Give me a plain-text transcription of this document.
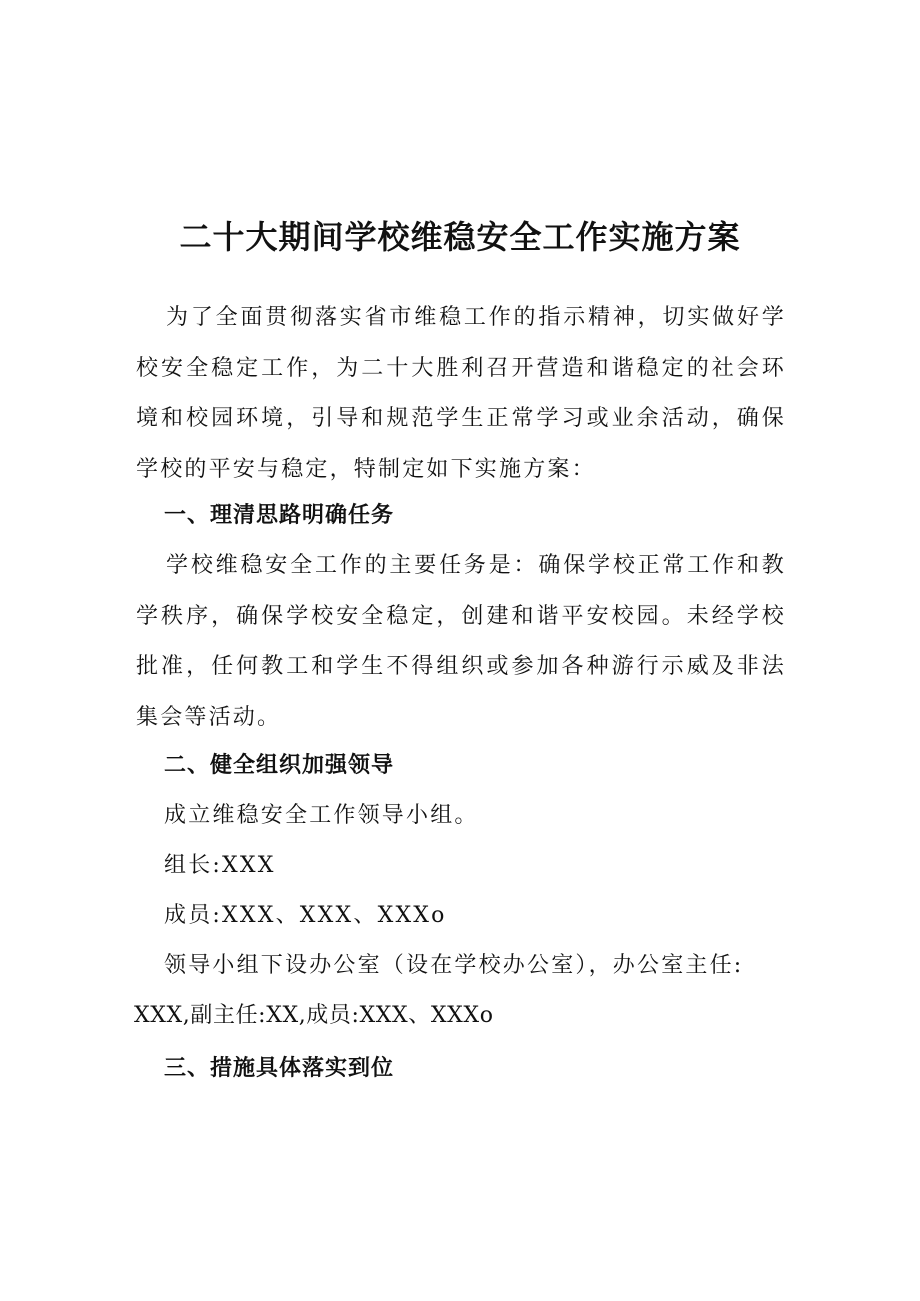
二十大期间学校维稳安全工作实施方案

为了全面贯彻落实省市维稳工作的指示精神，切实做好学校安全稳定工作，为二十大胜利召开营造和谐稳定的社会环境和校园环境，引导和规范学生正常学习或业余活动，确保学校的平安与稳定，特制定如下实施方案：

一、理清思路明确任务

学校维稳安全工作的主要任务是：确保学校正常工作和教学秩序，确保学校安全稳定，创建和谐平安校园。未经学校批准，任何教工和学生不得组织或参加各种游行示威及非法集会等活动。

二、健全组织加强领导

成立维稳安全工作领导小组。

组长:XXX

成员:XXX、XXX、XXXo

领导小组下设办公室（设在学校办公室），办公室主任:

XXX,副主任:XX,成员:XXX、XXXo

三、措施具体落实到位
